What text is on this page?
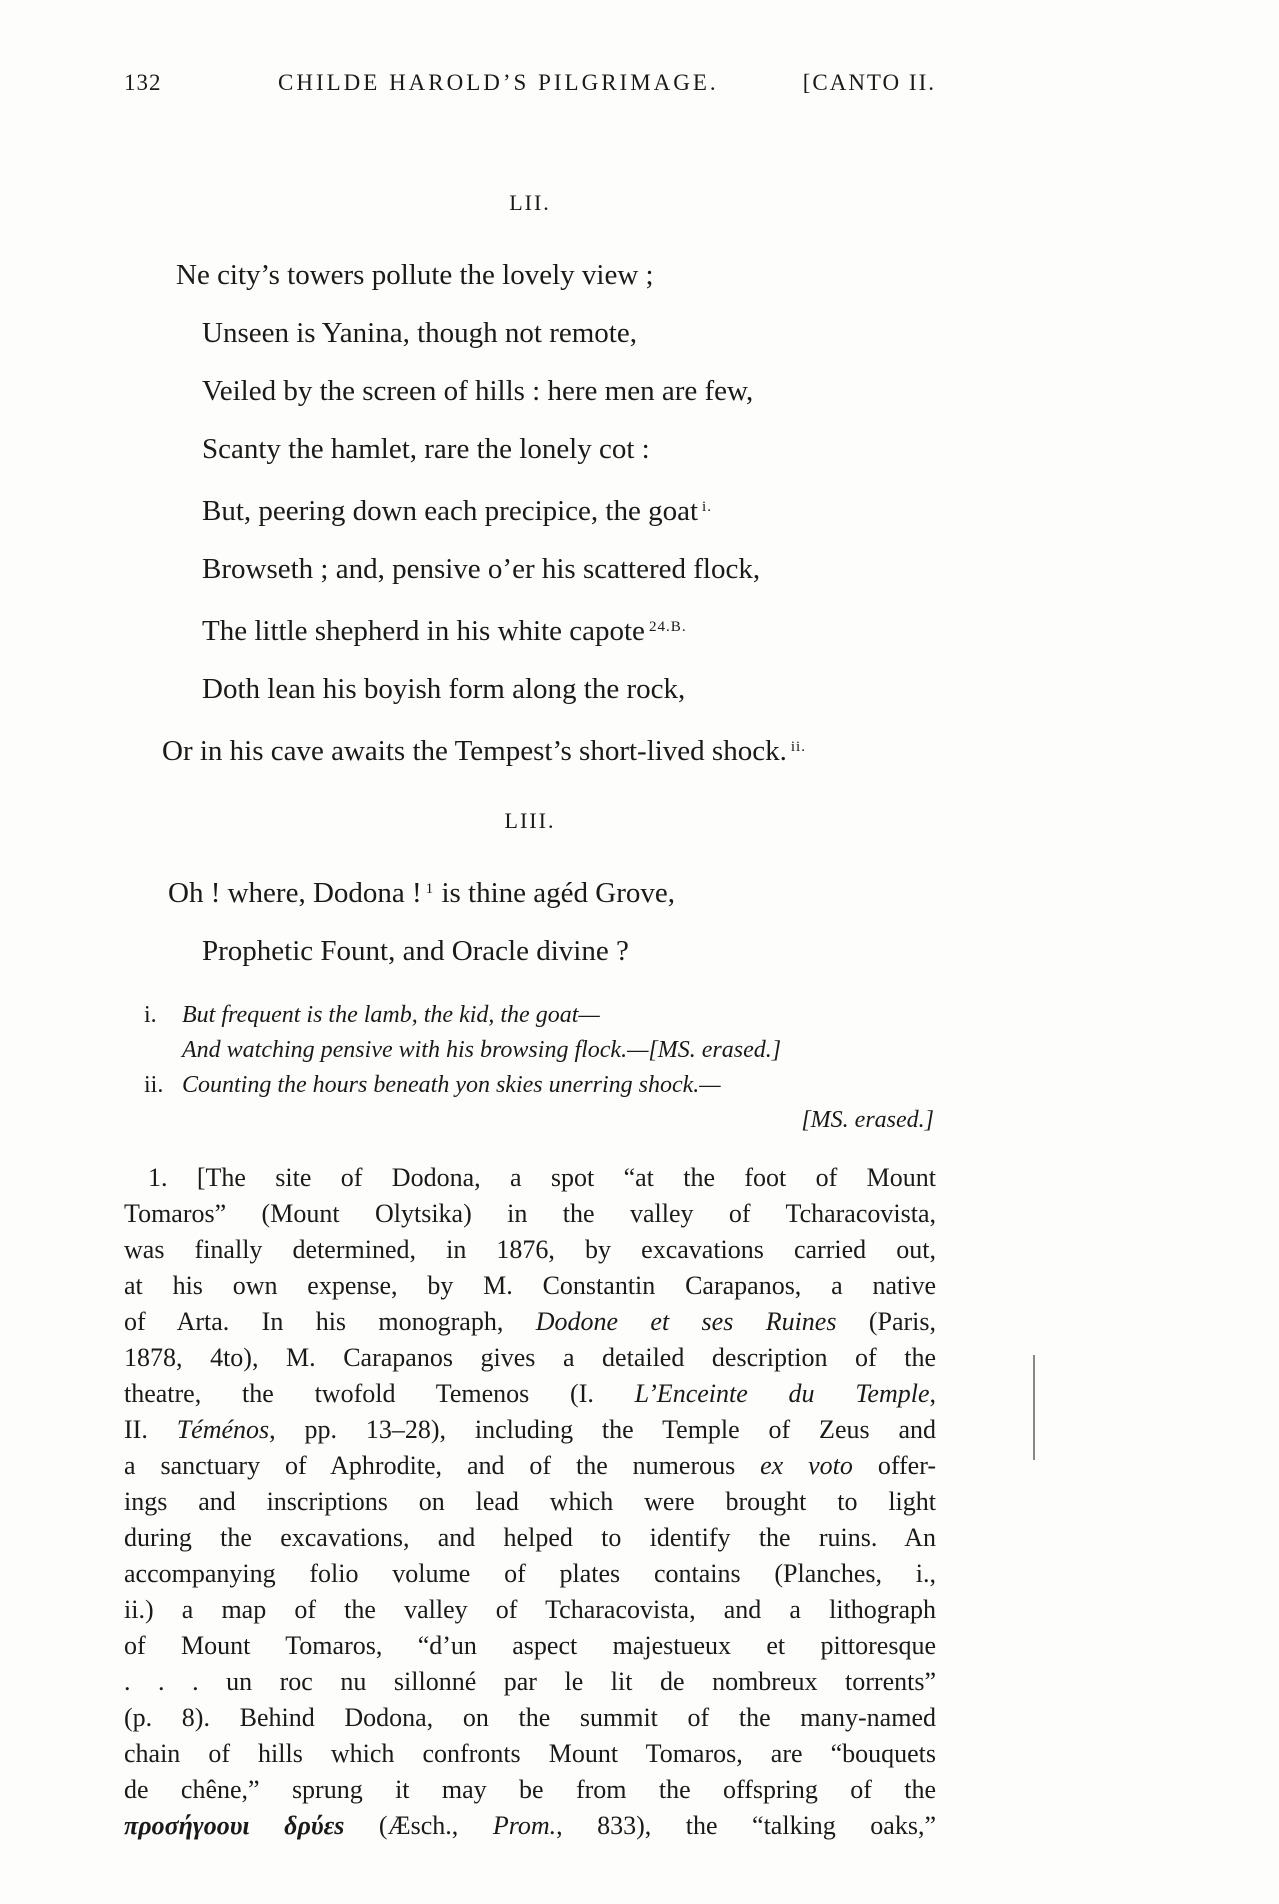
132	CHILDE HAROLD’S PILGRIMAGE.	[CANTO II.
LII.
Ne city’s towers pollute the lovely view ;
Unseen is Yanina, though not remote,
Veiled by the screen of hills : here men are few,
Scanty the hamlet, rare the lonely cot :
But, peering down each precipice, the goat $^{i.}$
Browseth ; and, pensive o’er his scattered flock,
The little shepherd in his white capote $^{24.B.}$
Doth lean his boyish form along the rock,
Or in his cave awaits the Tempest’s short-lived shock. $^{ii.}$
LIII.
Oh ! where, Dodona ! $^1$ is thine agéd Grove,
Prophetic Fount, and Oracle divine ?
i. But frequent is the lamb, the kid, the goat—
And watching pensive with his browsing flock.—[MS. erased.]
ii. Counting the hours beneath yon skies unerring shock.—
[MS. erased.]
1. [The site of Dodona, a spot “at the foot of Mount
Tomaros” (Mount Olytsika) in the valley of Tcharacovista,
was finally determined, in 1876, by excavations carried out,
at his own expense, by M. Constantin Carapanos, a native
of Arta. In his monograph, Dodone et ses Ruines (Paris,
1878, 4to), M. Carapanos gives a detailed description of the
theatre, the twofold Temenos (I. L’Enceinte du Temple,
II. Téménos, pp. 13–28), including the Temple of Zeus and
a sanctuary of Aphrodite, and of the numerous ex voto offer-
ings and inscriptions on lead which were brought to light
during the excavations, and helped to identify the ruins. An
accompanying folio volume of plates contains (Planches, i.,
ii.) a map of the valley of Tcharacovista, and a lithograph
of Mount Tomaros, “d’un aspect majestueux et pittoresque
. . . un roc nu sillonné par le lit de nombreux torrents”
(p. 8). Behind Dodona, on the summit of the many-named
chain of hills which confronts Mount Tomaros, are “bouquets
de chêne,” sprung it may be from the offspring of the
προσήγοουι δρύεs (Æsch., Prom., 833), the “talking oaks,”
